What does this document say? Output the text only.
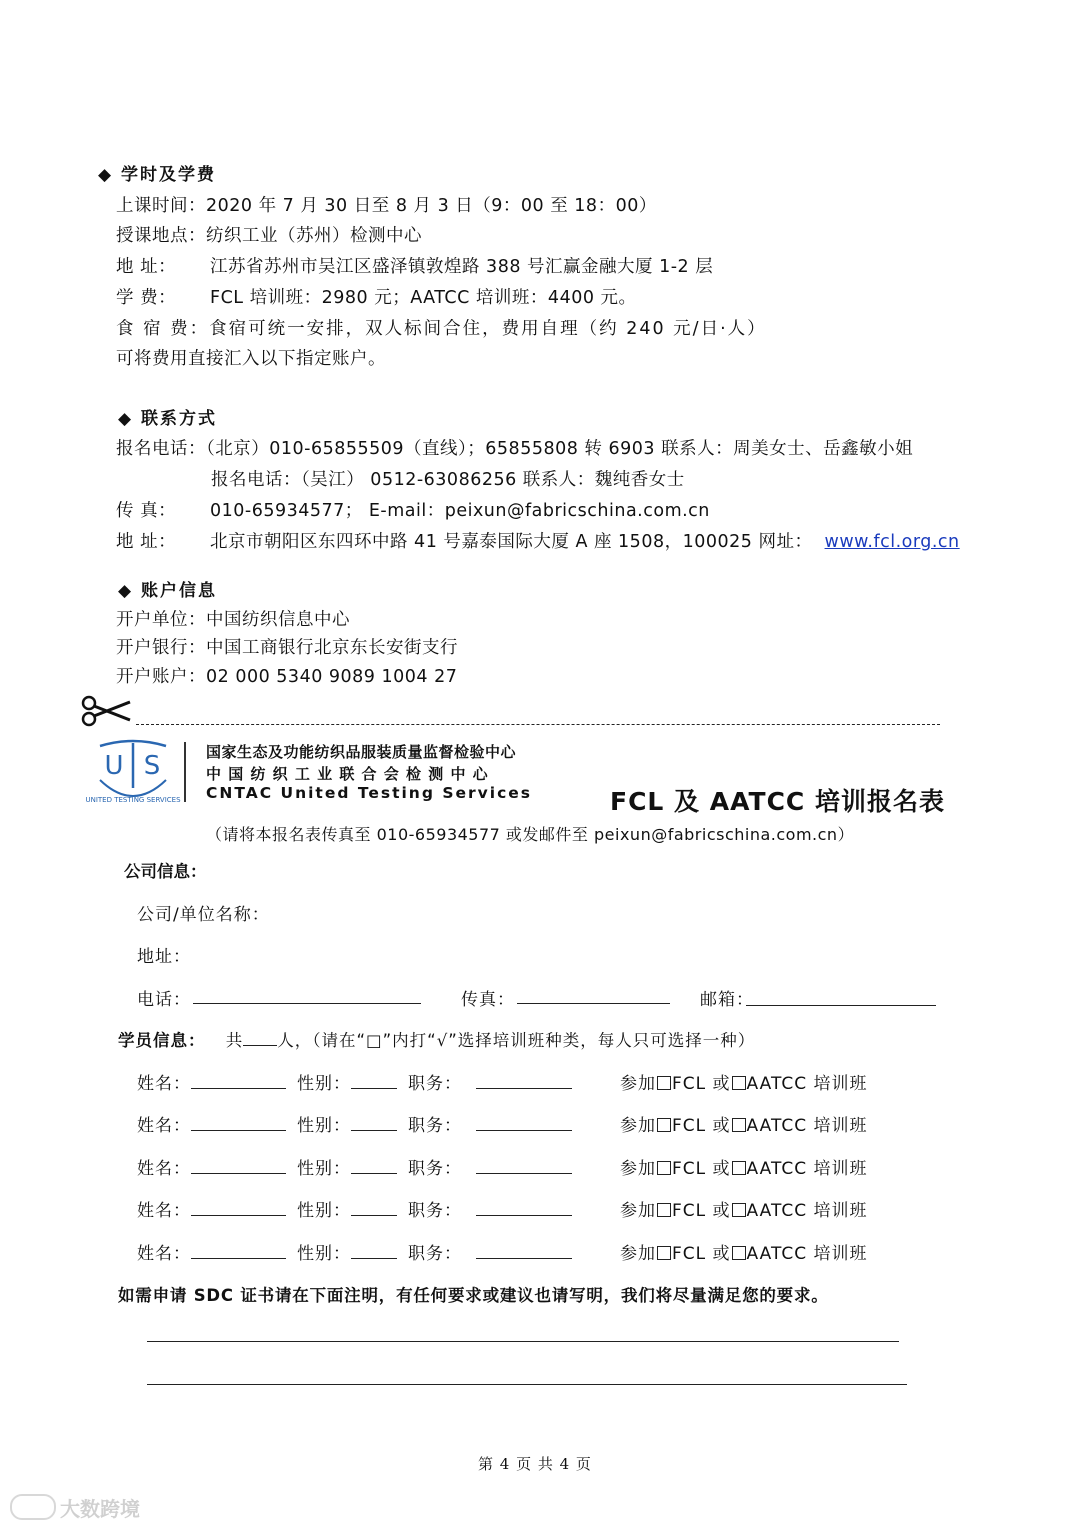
◆ 学时及学费
上课时间：2020 年 7 月 30 日至 8 月 3 日（9：00 至 18：00）
授课地点：纺织工业（苏州）检测中心
地 址： 江苏省苏州市吴江区盛泽镇敦煌路 388 号汇赢金融大厦 1-2 层
学 费： FCL 培训班：2980 元；AATCC 培训班：4400 元。
食 宿 费：食宿可统一安排，双人标间合住，费用自理（约 240 元/日·人）
可将费用直接汇入以下指定账户。
◆ 联系方式
报名电话：（北京）010-65855509（直线）；65855808 转 6903 联系人：周美女士、岳鑫敏小姐
报名电话：（吴江） 0512-63086256 联系人：魏纯香女士
传 真： 010-65934577； E-mail：peixun@fabricschina.com.cn
地 址： 北京市朝阳区东四环中路 41 号嘉泰国际大厦 A 座 1508，100025 网址： www.fcl.org.cn
◆ 账户信息
开户单位：中国纺织信息中心
开户银行：中国工商银行北京东长安街支行
开户账户：02 000 5340 9089 1004 27
U S
UNITED TESTING SERVICES
国家生态及功能纺织品服装质量监督检验中心
中 国 纺 织 工 业 联 合 会 检 测 中 心
CNTAC United Testing Services	FCL 及 AATCC 培训报名表
（请将本报名表传真至 010-65934577 或发邮件至 peixun@fabricschina.com.cn）
公司信息：
公司/单位名称：
地址：
电话：	传真：	邮箱：
学员信息： 共 人，（请在“□”内打“√”选择培训班种类，每人只可选择一种）
姓名：	性别：	职务：	参加 FCL 或 AATCC 培训班
姓名：	性别：	职务：	参加 FCL 或 AATCC 培训班
姓名：	性别：	职务：	参加 FCL 或 AATCC 培训班
姓名：	性别：	职务：	参加 FCL 或 AATCC 培训班
姓名：	性别：	职务：	参加 FCL 或 AATCC 培训班
如需申请 SDC 证书请在下面注明，有任何要求或建议也请写明，我们将尽量满足您的要求。
第 4 页 共 4 页
大数跨境
